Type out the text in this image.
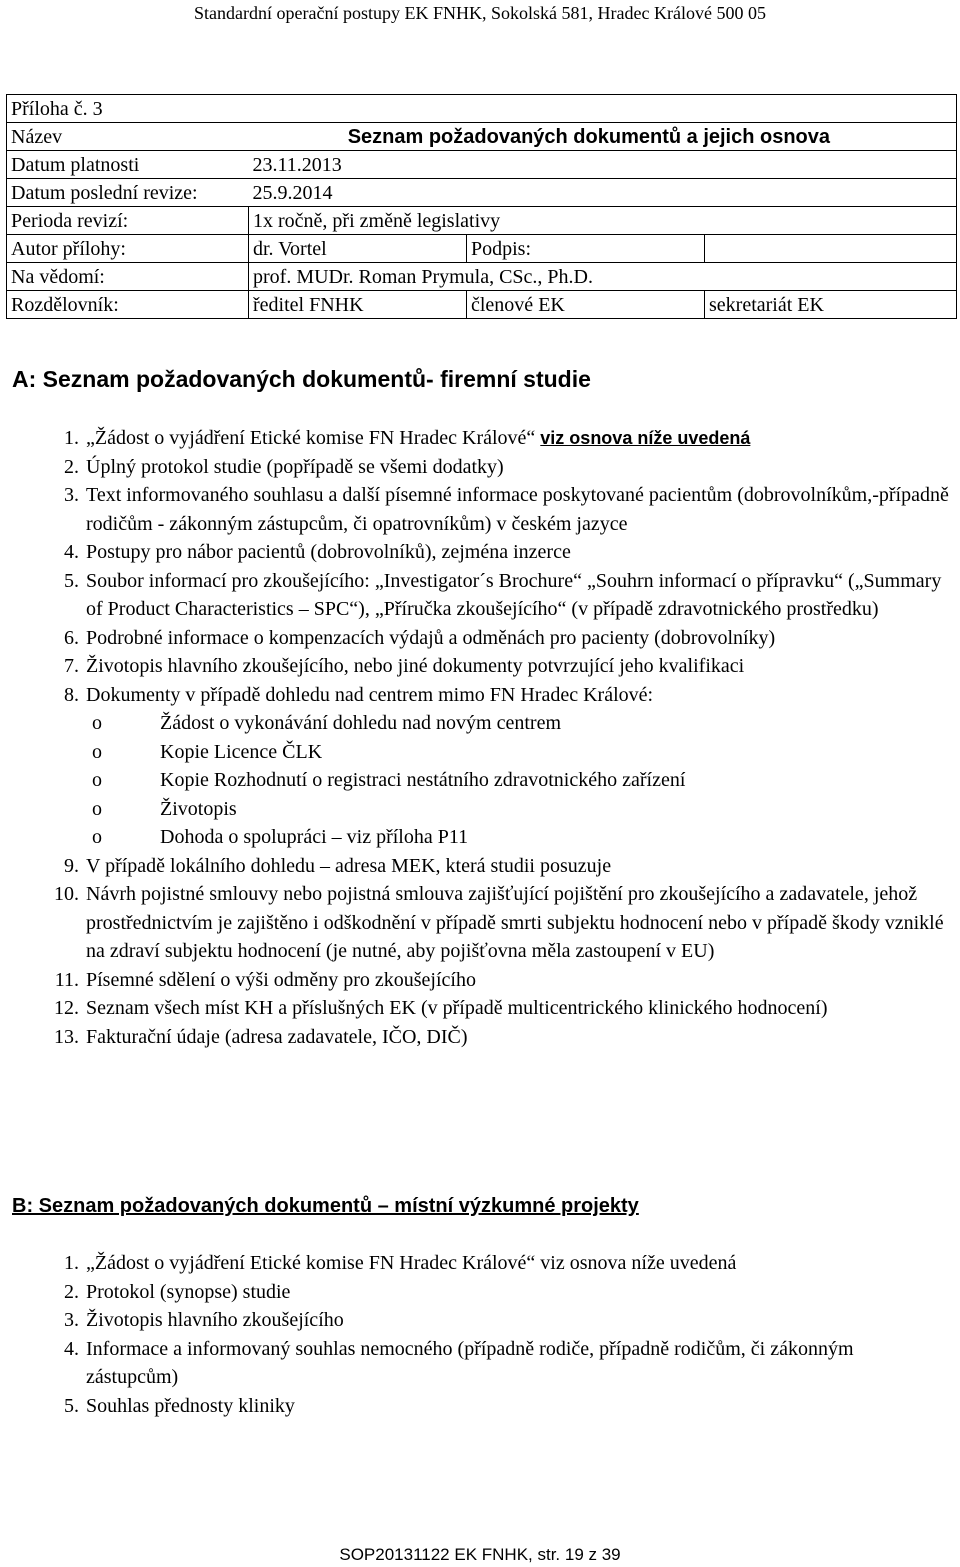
Standardní operační postupy EK FNHK, Sokolská 581, Hradec Králové 500 05
Příloha č. 3			
Název	Seznam požadovaných dokumentů a jejich osnova		
Datum platnosti	23.11.2013		
Datum poslední revize:	25.9.2014		
Perioda revizí:	1x ročně, při změně legislativy		
Autor přílohy:	dr. Vortel	Podpis:	
Na vědomí:	prof. MUDr. Roman Prymula, CSc., Ph.D.		
Rozdělovník:	ředitel FNHK	členové EK	sekretariát EK
A: Seznam požadovaných dokumentů- firemní studie
1. „Žádost o vyjádření Etické komise FN Hradec Králové“ viz osnova níže uvedená
2. Úplný protokol studie (popřípadě se všemi dodatky)
3. Text informovaného souhlasu a další písemné informace poskytované pacientům (dobrovolníkům,-případně rodičům - zákonným zástupcům, či opatrovníkům) v českém jazyce
4. Postupy pro nábor pacientů (dobrovolníků), zejména inzerce
5. Soubor informací pro zkoušejícího: „Investigator´s Brochure“ „Souhrn informací o přípravku“ („Summary of Product Characteristics – SPC“), „Příručka zkoušejícího“ (v případě zdravotnického prostředku)
6. Podrobné informace o kompenzacích výdajů a odměnách pro pacienty (dobrovolníky)
7. Životopis hlavního zkoušejícího, nebo jiné dokumenty potvrzující jeho kvalifikaci
8. Dokumenty v případě dohledu nad centrem mimo FN Hradec Králové:
o	Žádost o vykonávání dohledu nad novým centrem
o	Kopie Licence ČLK
o	Kopie Rozhodnutí o registraci nestátního zdravotnického zařízení
o	Životopis
o	Dohoda o spolupráci – viz příloha P11
9. V případě lokálního dohledu – adresa MEK, která studii posuzuje
10. Návrh pojistné smlouvy nebo pojistná smlouva zajišťující pojištění pro zkoušejícího a zadavatele, jehož prostřednictvím je zajištěno i odškodnění v případě smrti subjektu hodnocení nebo v případě škody vzniklé na zdraví subjektu hodnocení (je nutné, aby pojišťovna měla zastoupení v EU)
11. Písemné sdělení o výši odměny pro zkoušejícího
12. Seznam všech míst KH a příslušných EK (v případě multicentrického klinického hodnocení)
13. Fakturační údaje (adresa zadavatele, IČO, DIČ)
B: Seznam požadovaných dokumentů – místní výzkumné projekty
1. „Žádost o vyjádření Etické komise FN Hradec Králové“ viz osnova níže uvedená
2. Protokol (synopse) studie
3. Životopis hlavního zkoušejícího
4. Informace a informovaný souhlas nemocného (případně rodiče, případně rodičům, či zákonným zástupcům)
5. Souhlas přednosty kliniky
SOP20131122 EK FNHK, str. 19 z 39
